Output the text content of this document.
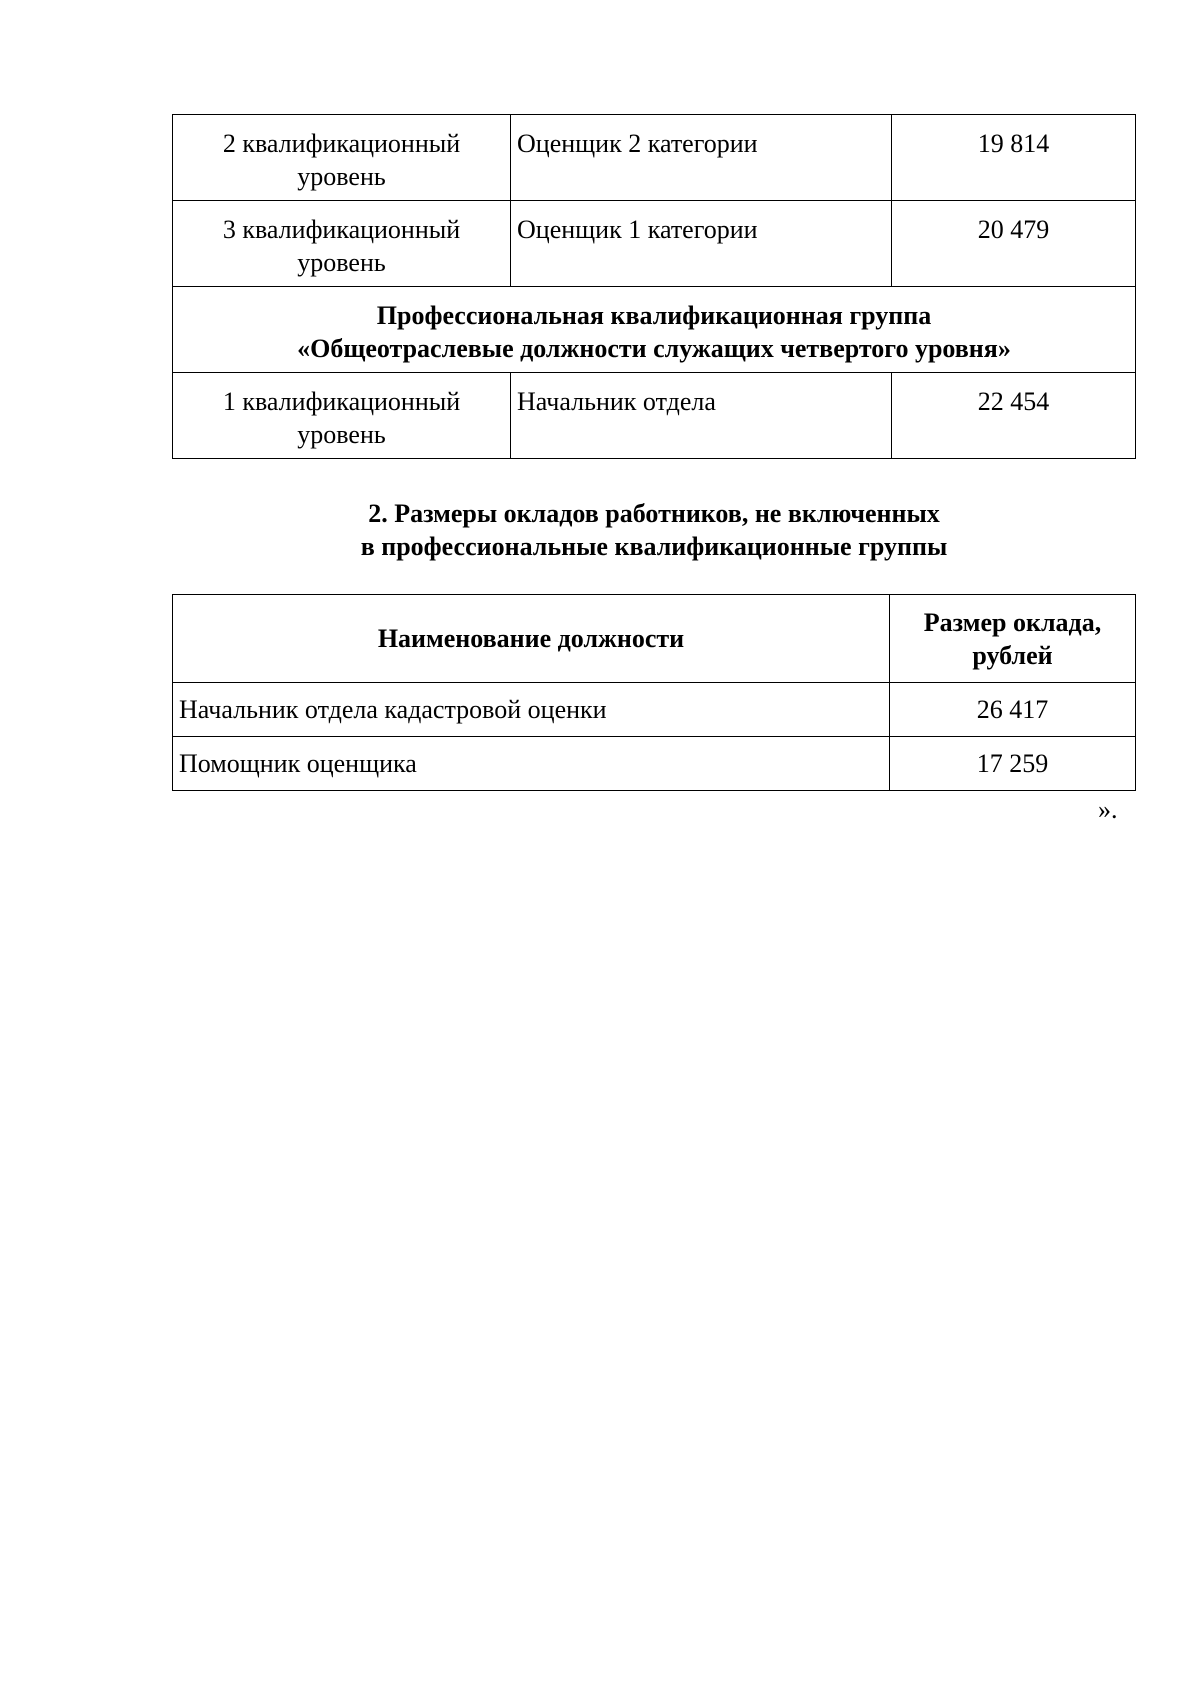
2 квалификационный уровень	Оценщик 2 категории	19 814
3 квалификационный уровень	Оценщик 1 категории	20 479

Профессиональная квалификационная группа
«Общеотраслевые должности служащих четвертого уровня»		

1 квалификационный уровень	Начальник отдела	22 454
2. Размеры окладов работников, не включенных
в профессиональные квалификационные группы
Наименование должности	Размер оклада, рублей
Начальник отдела кадастровой оценки	26 417
Помощник оценщика	17 259
».
